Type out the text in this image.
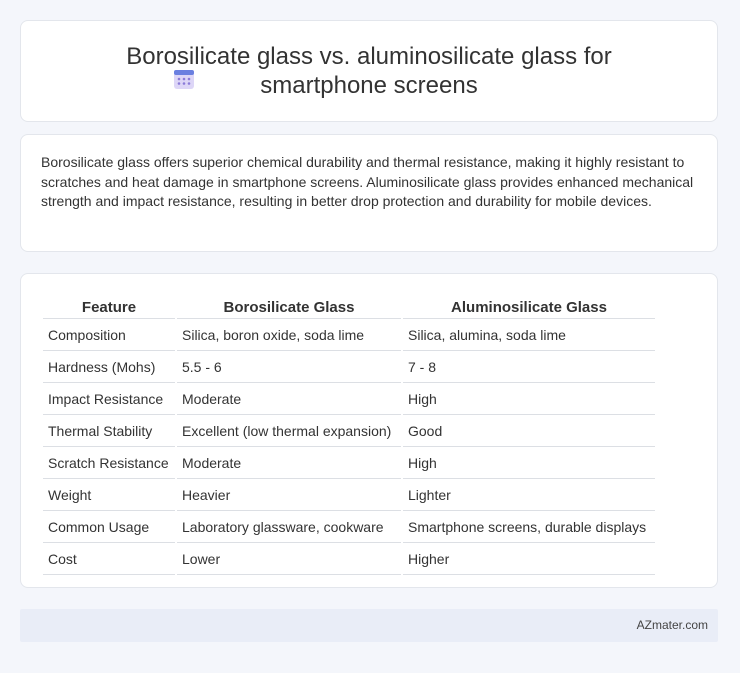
Borosilicate glass vs. aluminosilicate glass for smartphone screens

Borosilicate glass offers superior chemical durability and thermal resistance, making it highly resistant to scratches and heat damage in smartphone screens. Aluminosilicate glass provides enhanced mechanical strength and impact resistance, resulting in better drop protection and durability for mobile devices.

Feature	Borosilicate Glass	Aluminosilicate Glass
Composition	Silica, boron oxide, soda lime	Silica, alumina, soda lime
Hardness (Mohs)	5.5 - 6	7 - 8
Impact Resistance	Moderate	High
Thermal Stability	Excellent (low thermal expansion)	Good
Scratch Resistance	Moderate	High
Weight	Heavier	Lighter
Common Usage	Laboratory glassware, cookware	Smartphone screens, durable displays
Cost	Lower	Higher
AZmater.com
